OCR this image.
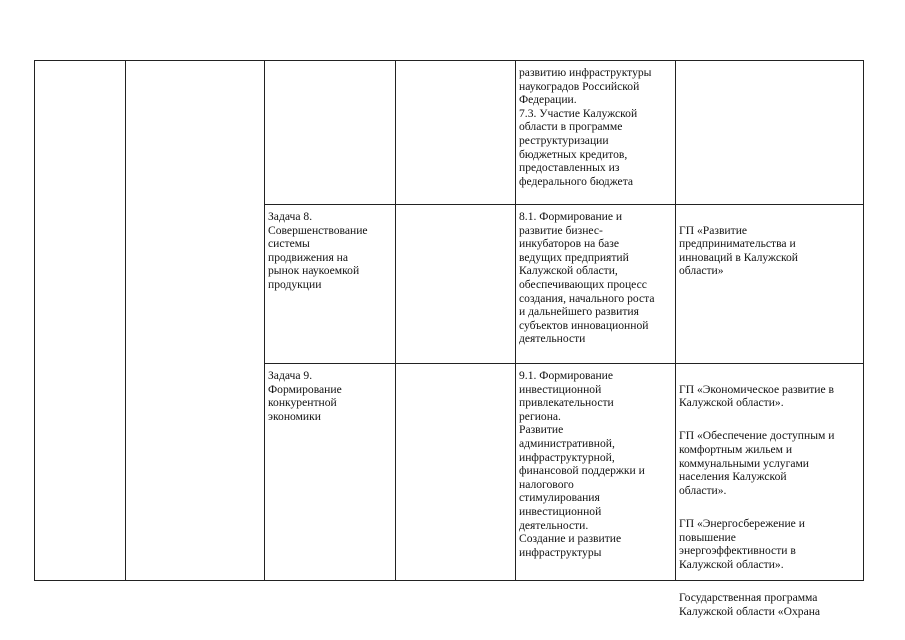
развитию инфраструктуры
наукоградов Российской
Федерации.
7.3. Участие Калужской
области в программе
реструктуризации
бюджетных кредитов,
предоставленных из
федерального бюджета
Задача 8.
Совершенствование
системы
продвижения на
рынок наукоемкой
продукции
8.1. Формирование и
развитие бизнес-
инкубаторов на базе
ведущих предприятий
Калужской области,
обеспечивающих процесс
создания, начального роста
и дальнейшего развития
субъектов инновационной
деятельности

ГП «Развитие
предпринимательства и
инноваций в Калужской
области»

Задача 9.
Формирование
конкурентной
экономики
9.1. Формирование
инвестиционной
привлекательности
региона.
Развитие
административной,
инфраструктурной,
финансовой поддержки и
налогового
стимулирования
инвестиционной
деятельности.
Создание и развитие
инфраструктуры

ГП «Экономическое развитие в
Калужской области».

ГП «Обеспечение доступным и
комфортным жильем и
коммунальными услугами
населения Калужской
области».

ГП «Энергосбережение и
повышение
энергоэффективности в
Калужской области».

Государственная программа
Калужской области «Охрана
